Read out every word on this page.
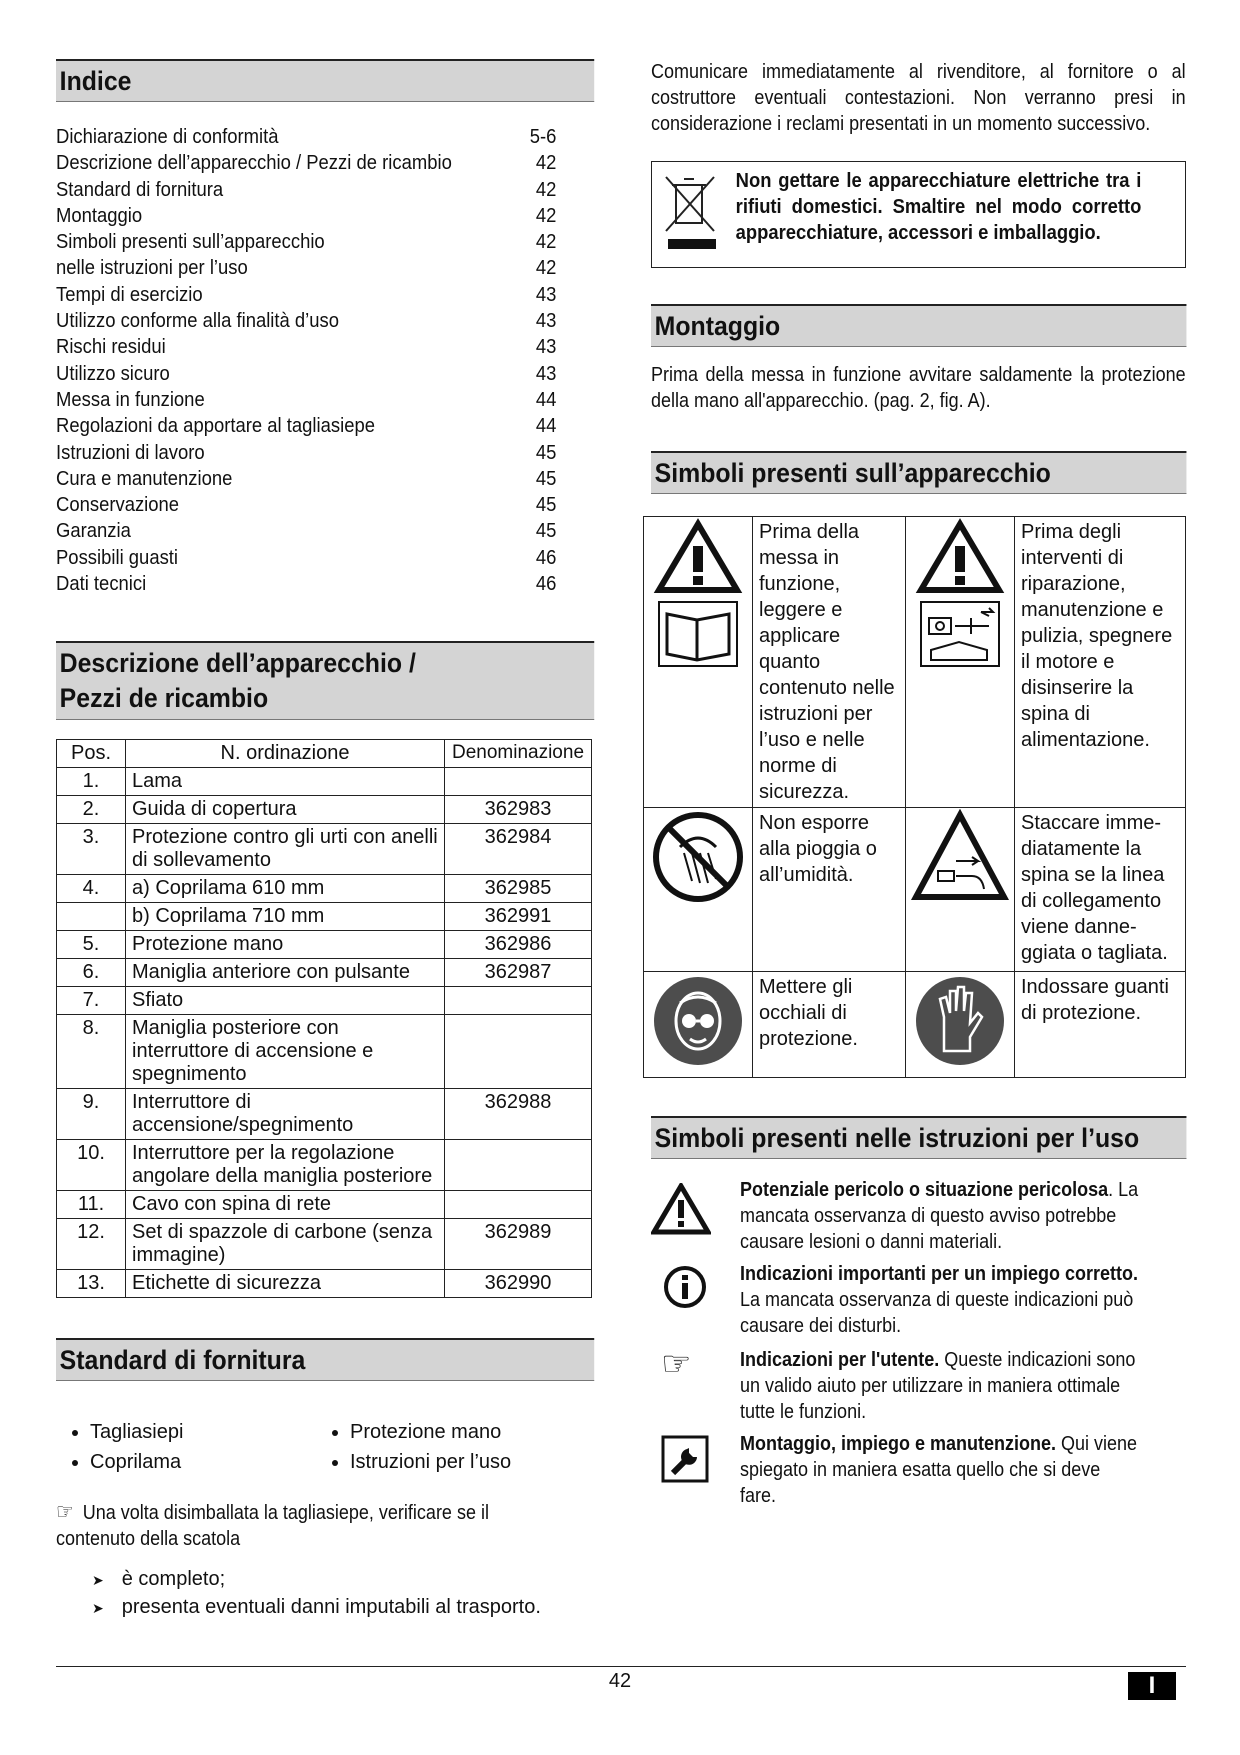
Indice
Dichiarazione di conformità	5-6
Descrizione dell’apparecchio / Pezzi de ricambio	42
Standard di fornitura	42
Montaggio	42
Simboli presenti sull’apparecchio	42
nelle istruzioni per l’uso	42
Tempi di esercizio	43
Utilizzo conforme alla finalità d’uso	43
Rischi residui	43
Utilizzo sicuro	43
Messa in funzione	44
Regolazioni da apportare al tagliasiepe	44
Istruzioni di lavoro	45
Cura e manutenzione	45
Conservazione	45
Garanzia	45
Possibili guasti	46
Dati tecnici	46
Descrizione dell’apparecchio /
Pezzi de ricambio
Pos.	N. ordinazione	Denominazione
1.	Lama	
2.	Guida di copertura	362983
3.	Protezione contro gli urti con anelli di sollevamento	362984
4.	a) Coprilama 610 mm	362985
	b) Coprilama 710 mm	362991
5.	Protezione mano	362986
6.	Maniglia anteriore con pulsante	362987
7.	Sfiato	
8.	Maniglia posteriore con interruttore di accensione e spegnimento	
9.	Interruttore di accensione/spegnimento	362988
10.	Interruttore per la regolazione angolare della maniglia posteriore	
11.	Cavo con spina di rete	
12.	Set di spazzole di carbone (senza immagine)	362989
13.	Etichette di sicurezza	362990
Standard di fornitura
• Tagliasiepi
• Coprilama
• Protezione mano
• Istruzioni per l’uso
☞ Una volta disimballata la tagliasiepe, verificare se il contenuto della scatola
➤ è completo;
➤ presenta eventuali danni imputabili al trasporto.
Comunicare immediatamente al rivenditore, al fornitore o al costruttore eventuali contestazioni. Non verranno presi in considerazione i reclami presentati in un momento successivo.
Non gettare le apparecchiature elettriche tra i rifiuti domestici. Smaltire nel modo corretto apparecchiature, accessori e imballaggio.
Montaggio
Prima della messa in funzione avvitare saldamente la protezione della mano all'apparecchio. (pag. 2, fig. A).
Simboli presenti sull’apparecchio
	Prima della messa in funzione, leggere e applicare quanto contenuto nelle istruzioni per l’uso e nelle norme di sicurezza.		Prima degli interventi di riparazione, manutenzione e pulizia, spegnere il motore e disinserire la spina di alimentazione.
	Non esporre alla pioggia o all’umidità.		Staccare imme-diatamente la spina se la linea di collegamento viene danne-ggiata o tagliata.
	Mettere gli occhiali di protezione.		Indossare guanti di protezione.
Simboli presenti nelle istruzioni per l’uso
Potenziale pericolo o situazione pericolosa. La mancata osservanza di questo avviso potrebbe causare lesioni o danni materiali.
Indicazioni importanti per un impiego corretto. La mancata osservanza di queste indicazioni può causare dei disturbi.
☞	Indicazioni per l'utente. Queste indicazioni sono un valido aiuto per utilizzare in maniera ottimale tutte le funzioni.
Montaggio, impiego e manutenzione. Qui viene spiegato in maniera esatta quello che si deve fare.
42	I
